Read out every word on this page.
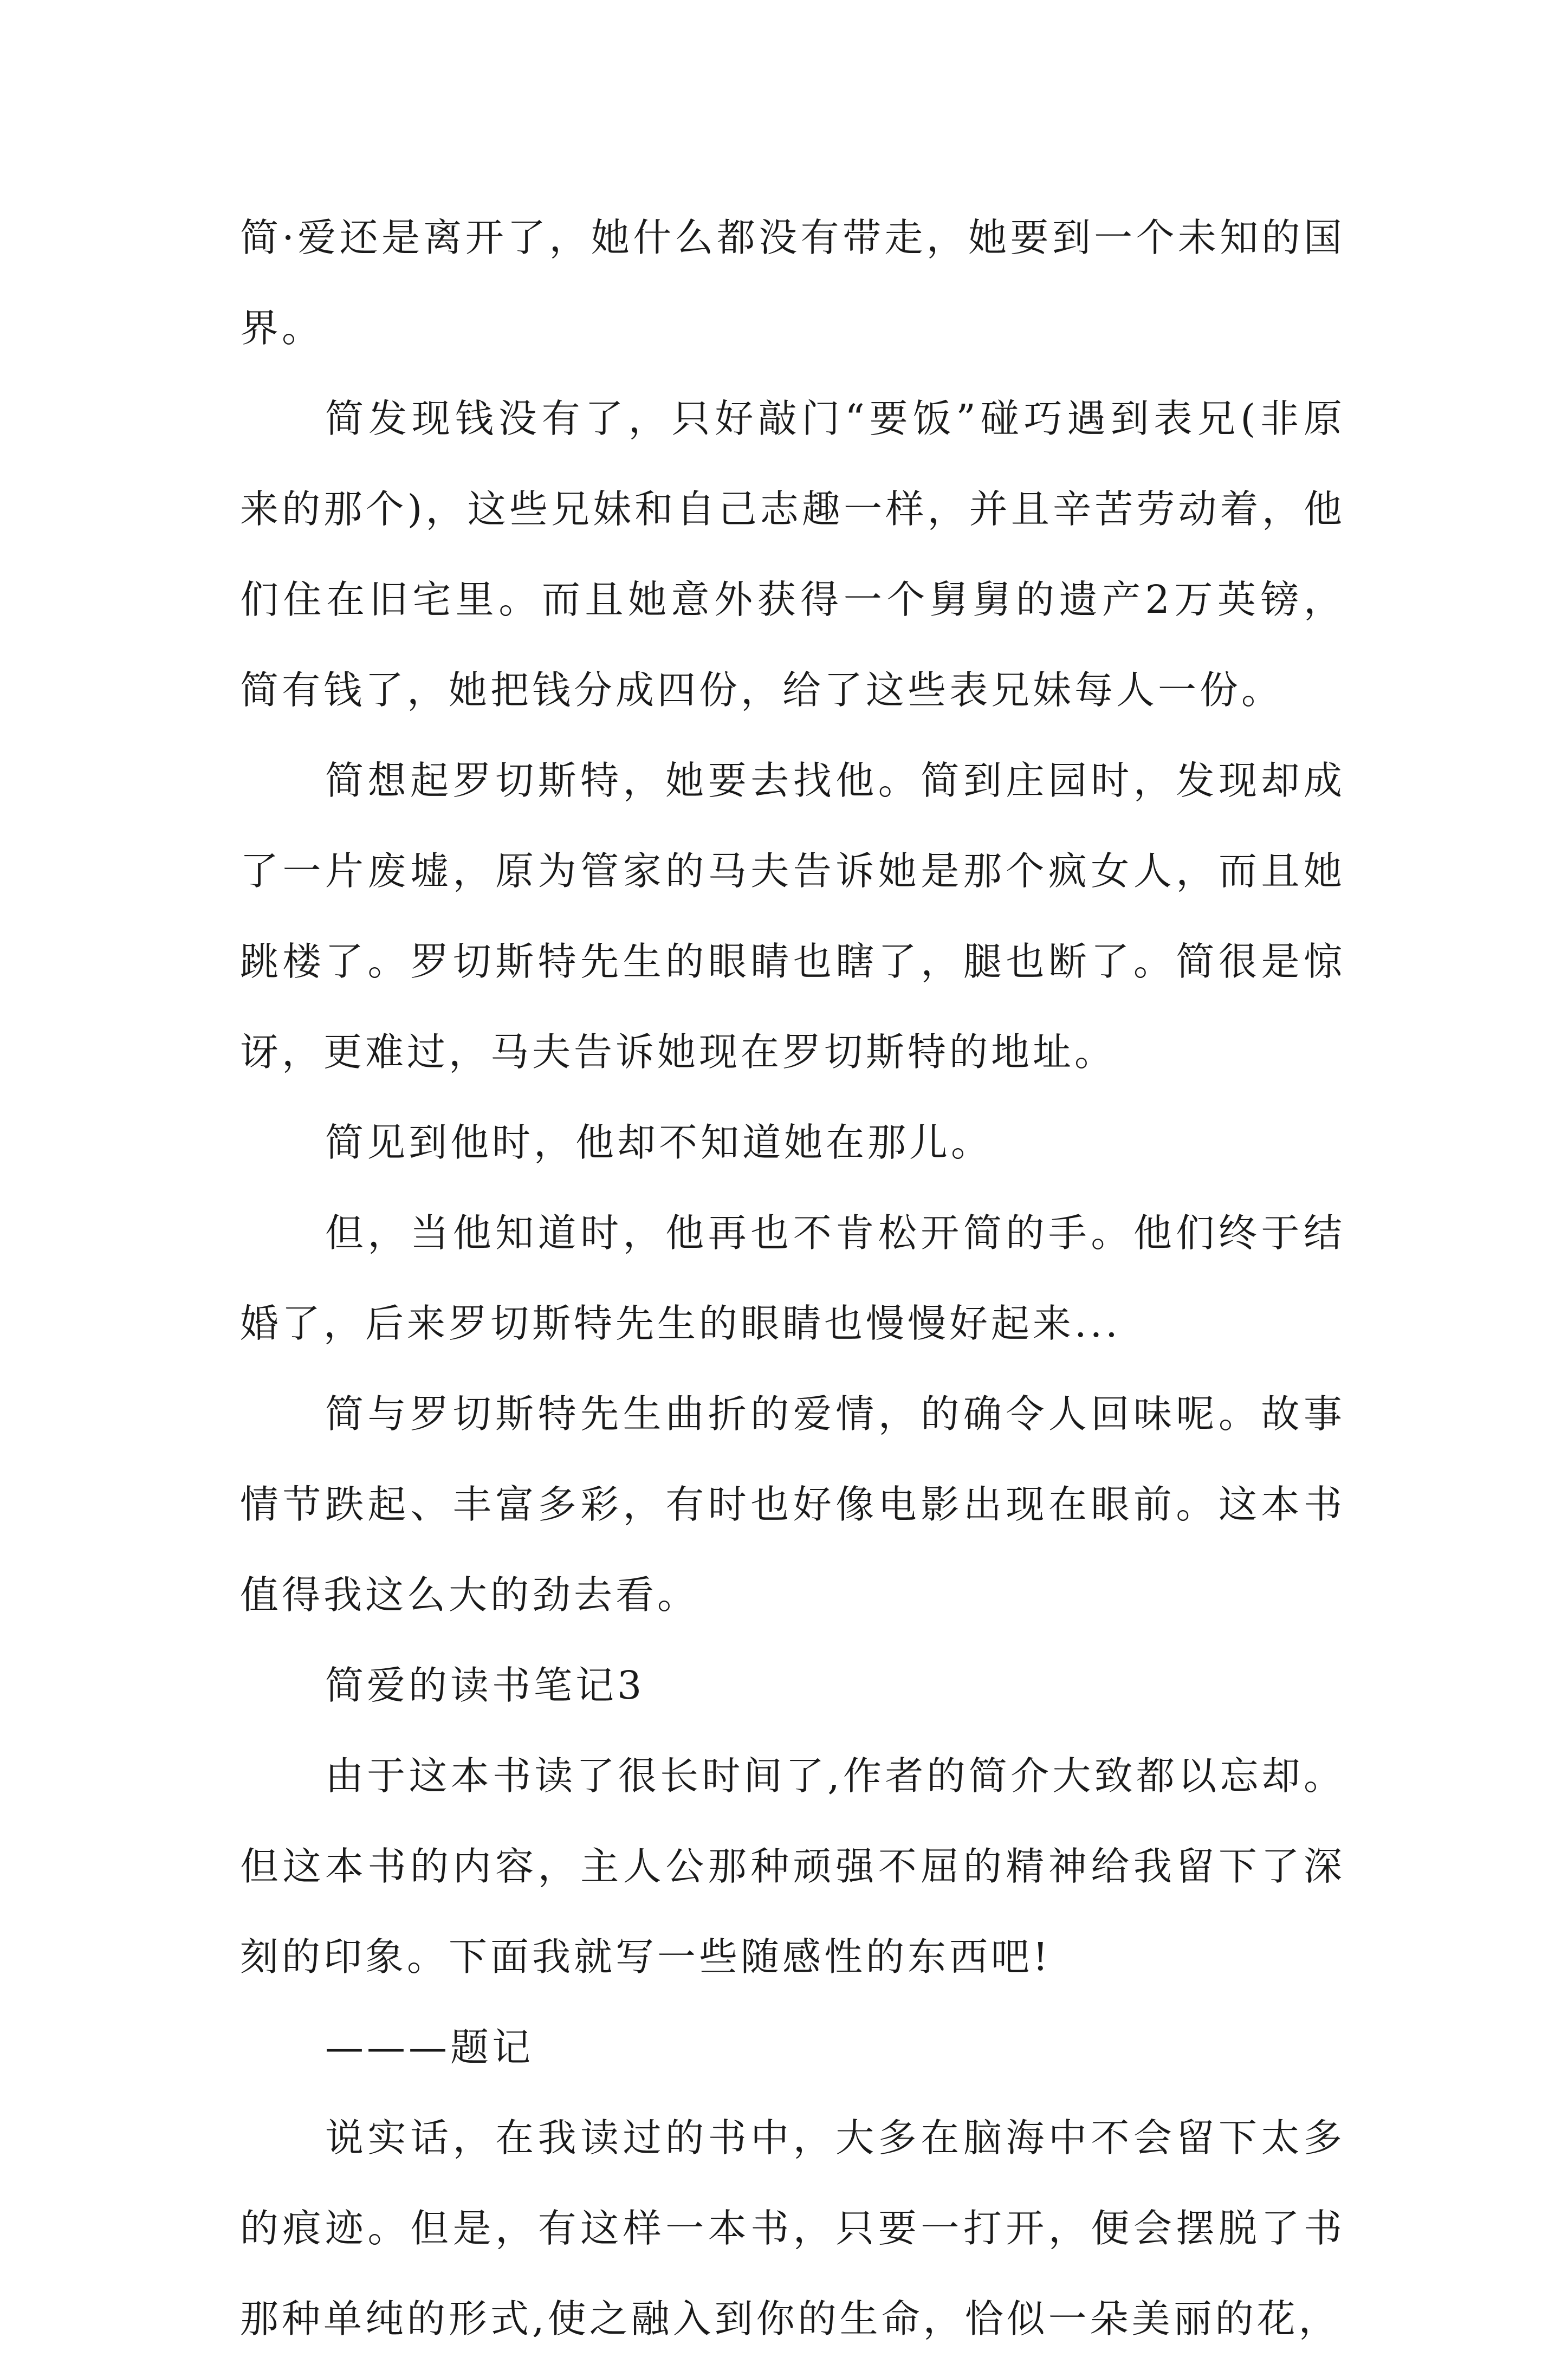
简·爱还是离开了，她什么都没有带走，她要到一个未知的国界。

简发现钱没有了，只好敲门“要饭”碰巧遇到表兄(非原来的那个)，这些兄妹和自己志趣一样，并且辛苦劳动着，他们住在旧宅里。而且她意外获得一个舅舅的遗产2万英镑，简有钱了，她把钱分成四份，给了这些表兄妹每人一份。

简想起罗切斯特，她要去找他。简到庄园时，发现却成了一片废墟，原为管家的马夫告诉她是那个疯女人，而且她跳楼了。罗切斯特先生的眼睛也瞎了，腿也断了。简很是惊讶，更难过，马夫告诉她现在罗切斯特的地址。

简见到他时，他却不知道她在那儿。

但，当他知道时，他再也不肯松开简的手。他们终于结婚了，后来罗切斯特先生的眼睛也慢慢好起来...

简与罗切斯特先生曲折的爱情，的确令人回味呢。故事情节跌起、丰富多彩，有时也好像电影出现在眼前。这本书值得我这么大的劲去看。

简爱的读书笔记3

由于这本书读了很长时间了,作者的简介大致都以忘却。但这本书的内容，主人公那种顽强不屈的精神给我留下了深刻的印象。下面我就写一些随感性的东西吧!

———题记

说实话，在我读过的书中，大多在脑海中不会留下太多的痕迹。但是，有这样一本书，只要一打开，便会摆脱了书那种单纯的形式,使之融入到你的生命，恰似一朵美丽的花，
